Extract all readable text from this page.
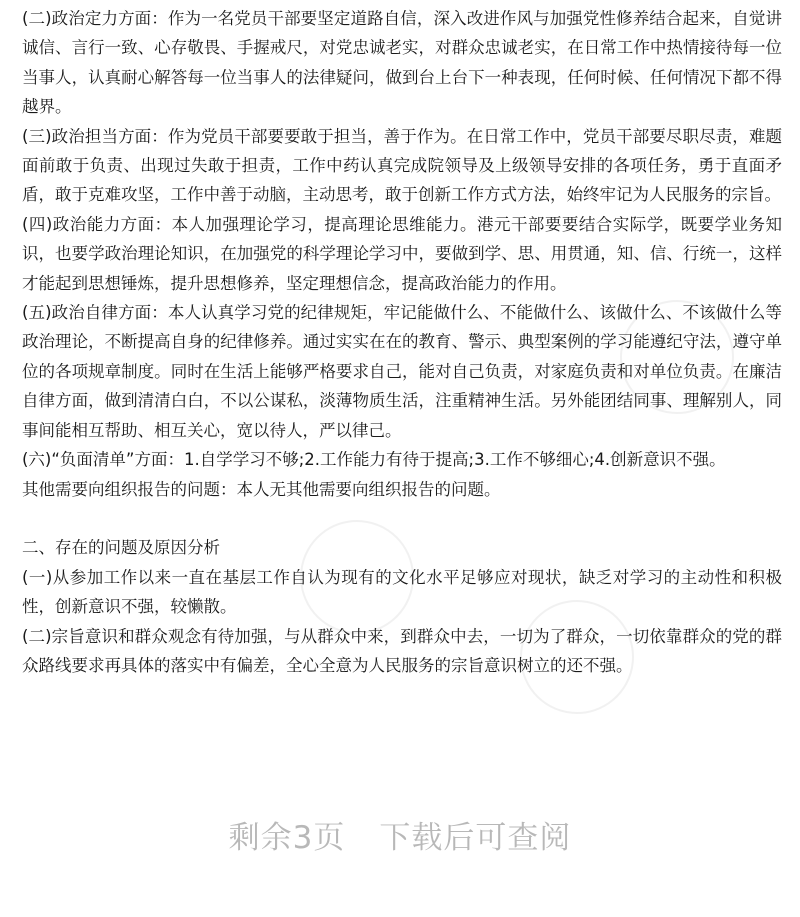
(二)政治定力方面：作为一名党员干部要坚定道路自信，深入改进作风与加强党性修养结合起来，自觉讲诚信、言行一致、心存敬畏、手握戒尺，对党忠诚老实，对群众忠诚老实，在日常工作中热情接待每一位当事人，认真耐心解答每一位当事人的法律疑问，做到台上台下一种表现，任何时候、任何情况下都不得越界。

(三)政治担当方面：作为党员干部要要敢于担当，善于作为。在日常工作中，党员干部要尽职尽责，难题面前敢于负责、出现过失敢于担责，工作中药认真完成院领导及上级领导安排的各项任务，勇于直面矛盾，敢于克难攻坚，工作中善于动脑，主动思考，敢于创新工作方式方法，始终牢记为人民服务的宗旨。

(四)政治能力方面：本人加强理论学习，提高理论思维能力。港元干部要要结合实际学，既要学业务知识，也要学政治理论知识，在加强党的科学理论学习中，要做到学、思、用贯通，知、信、行统一，这样才能起到思想锤炼，提升思想修养，坚定理想信念，提高政治能力的作用。

(五)政治自律方面：本人认真学习党的纪律规矩，牢记能做什么、不能做什么、该做什么、不该做什么等政治理论，不断提高自身的纪律修养。通过实实在在的教育、警示、典型案例的学习能遵纪守法，遵守单位的各项规章制度。同时在生活上能够严格要求自己，能对自己负责，对家庭负责和对单位负责。在廉洁自律方面，做到清清白白，不以公谋私，淡薄物质生活，注重精神生活。另外能团结同事、理解别人，同事间能相互帮助、相互关心，宽以待人，严以律己。

(六)“负面清单”方面：1.自学学习不够;2.工作能力有待于提高;3.工作不够细心;4.创新意识不强。

其他需要向组织报告的问题：本人无其他需要向组织报告的问题。

二、存在的问题及原因分析

(一)从参加工作以来一直在基层工作自认为现有的文化水平足够应对现状，缺乏对学习的主动性和积极性，创新意识不强，较懒散。

(二)宗旨意识和群众观念有待加强，与从群众中来，到群众中去，一切为了群众，一切依靠群众的党的群众路线要求再具体的落实中有偏差，全心全意为人民服务的宗旨意识树立的还不强。

剩余3页 下载后可查阅
